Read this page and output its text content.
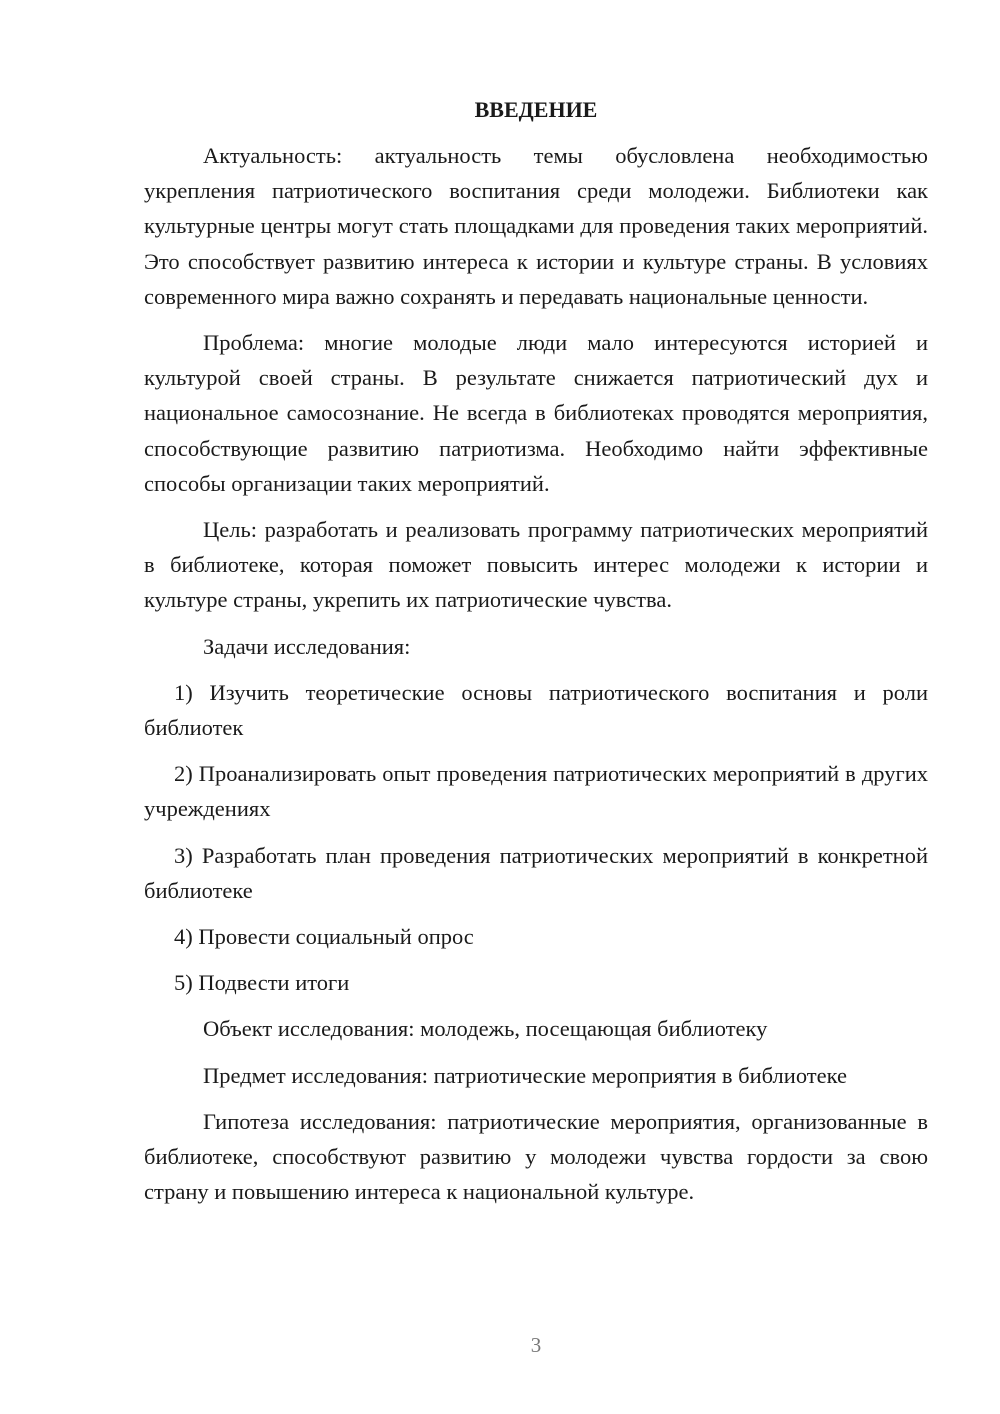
ВВЕДЕНИЕ

Актуальность: актуальность темы обусловлена необходимостью укрепления патриотического воспитания среди молодежи. Библиотеки как культурные центры могут стать площадками для проведения таких мероприятий. Это способствует развитию интереса к истории и культуре страны. В условиях современного мира важно сохранять и передавать национальные ценности.

Проблема: многие молодые люди мало интересуются историей и культурой своей страны. В результате снижается патриотический дух и национальное самосознание. Не всегда в библиотеках проводятся мероприятия, способствующие развитию патриотизма. Необходимо найти эффективные способы организации таких мероприятий.

Цель: разработать и реализовать программу патриотических мероприятий в библиотеке, которая поможет повысить интерес молодежи к истории и культуре страны, укрепить их патриотические чувства.

Задачи исследования:

1) Изучить теоретические основы патриотического воспитания и роли библиотек

2) Проанализировать опыт проведения патриотических мероприятий в других учреждениях

3) Разработать план проведения патриотических мероприятий в конкретной библиотеке

4) Провести социальный опрос

5) Подвести итоги

Объект исследования: молодежь, посещающая библиотеку

Предмет исследования: патриотические мероприятия в библиотеке

Гипотеза исследования: патриотические мероприятия, организованные в библиотеке, способствуют развитию у молодежи чувства гордости за свою страну и повышению интереса к национальной культуре.

3
